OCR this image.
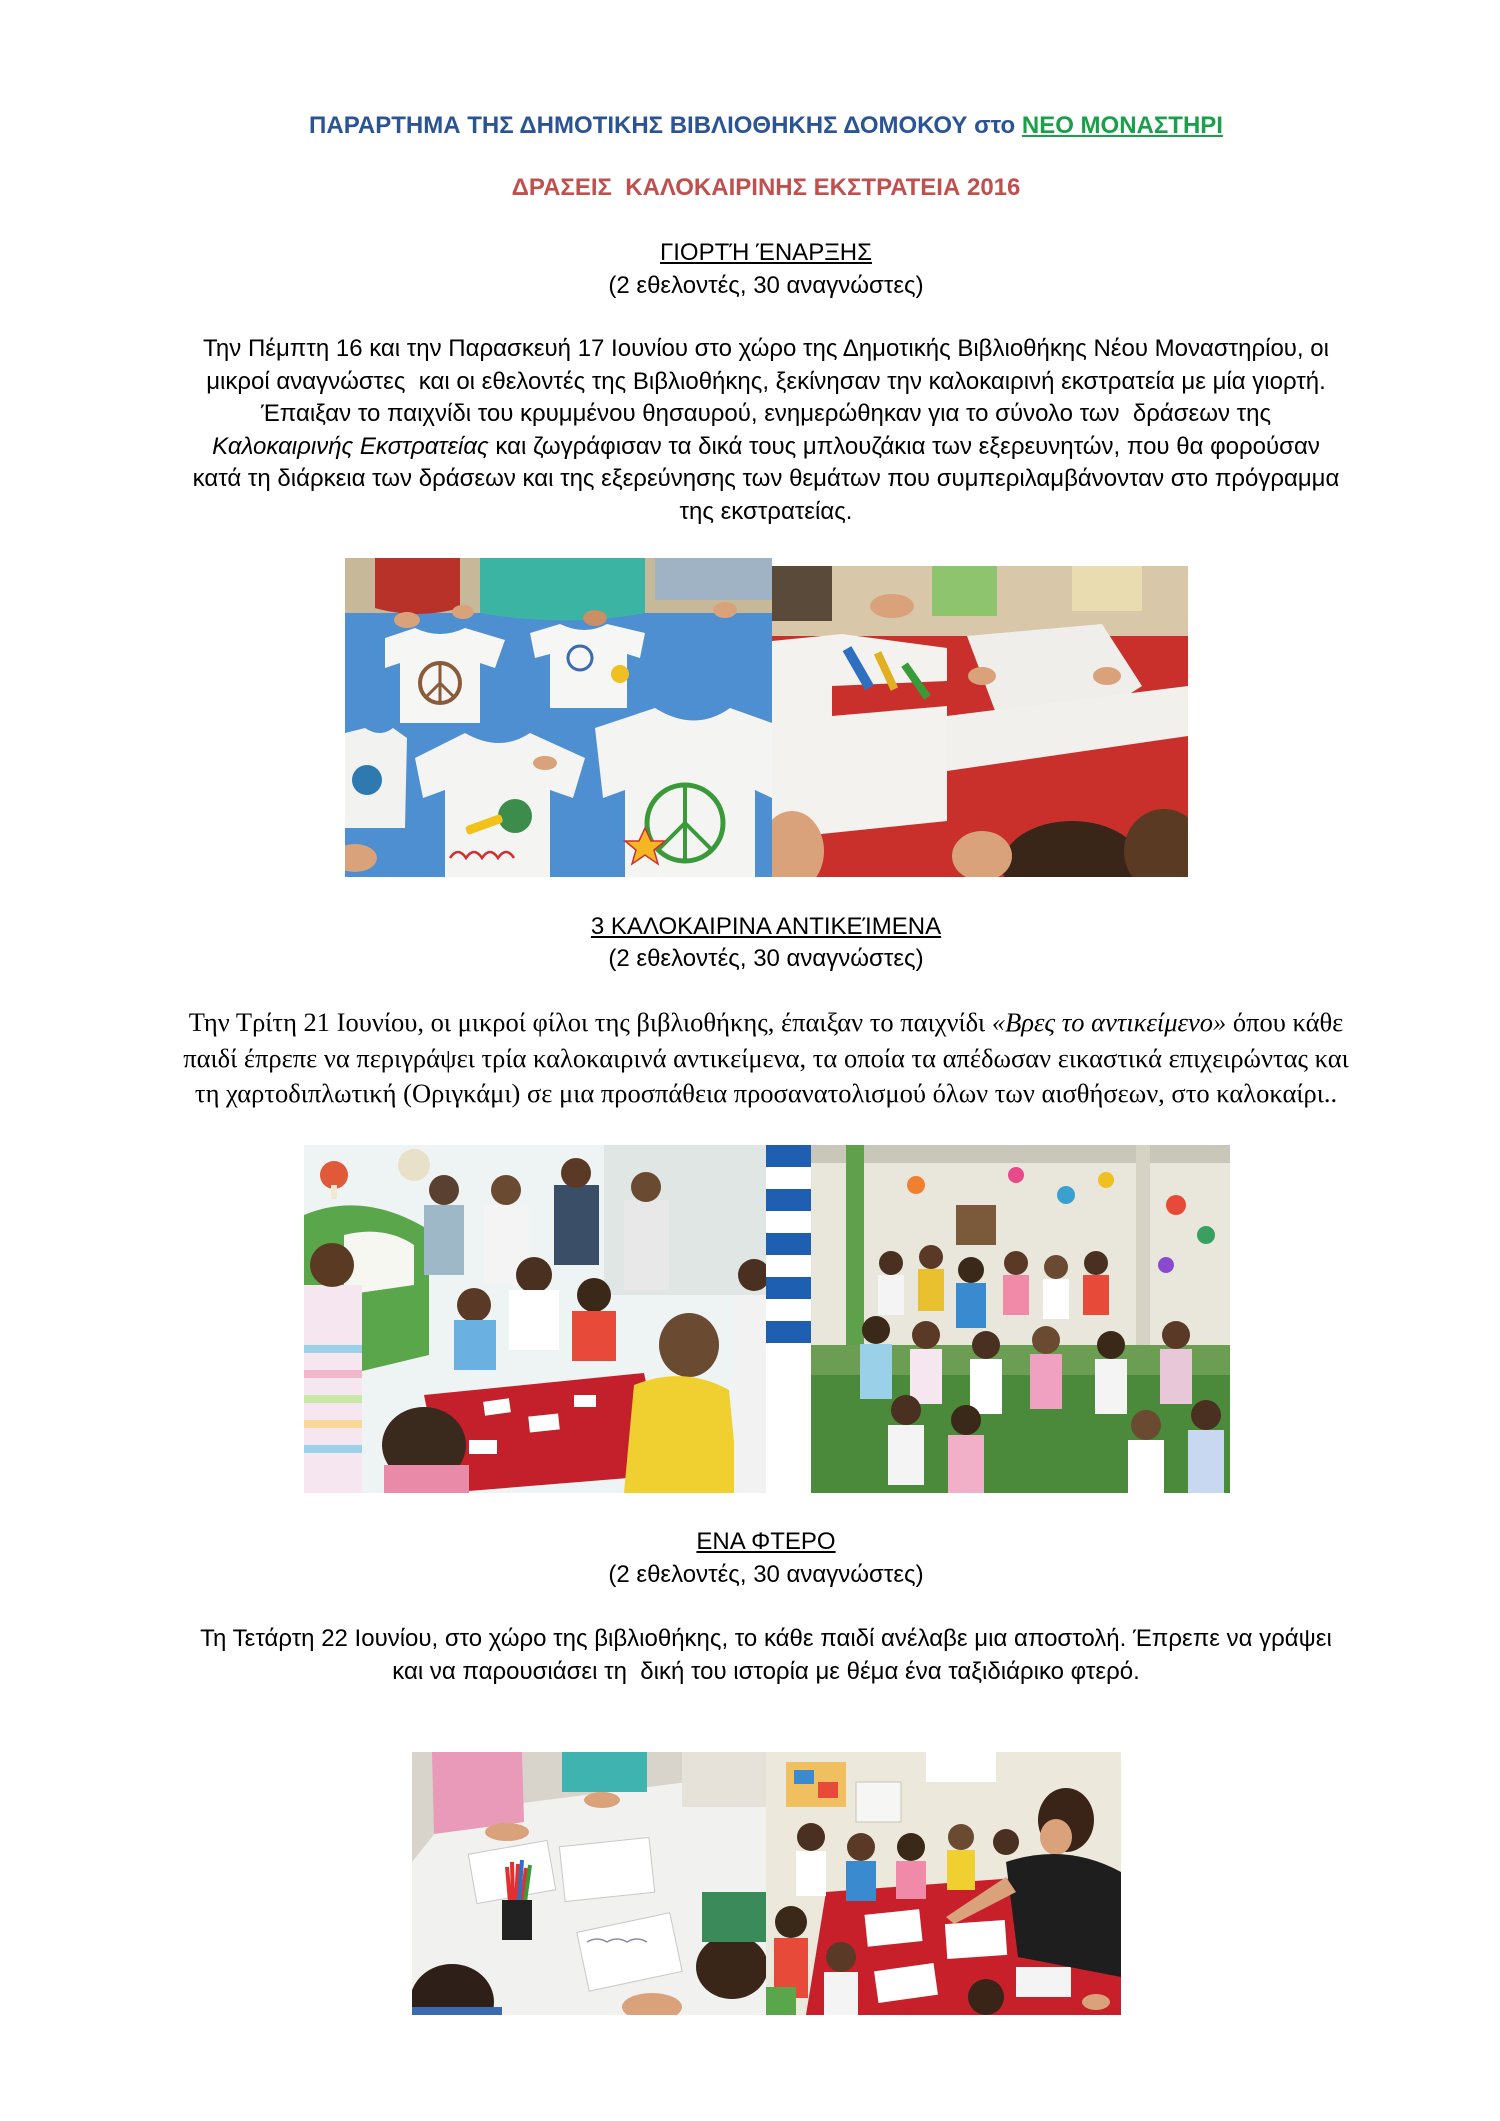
ΠΑΡΑΡΤΗΜΑ ΤΗΣ ΔΗΜΟΤΙΚΗΣ ΒΙΒΛΙΟΘΗΚΗΣ ΔΟΜΟΚΟΥ στο ΝΕΟ ΜΟΝΑΣΤΗΡΙ
ΔΡΑΣΕΙΣ  ΚΑΛΟΚΑΙΡΙΝΗΣ ΕΚΣΤΡΑΤΕΙΑ 2016
ΓΙΟΡΤΉ ΈΝΑΡΞΗΣ
(2 εθελοντές, 30 αναγνώστες)
Την Πέμπτη 16 και την Παρασκευή 17 Ιουνίου στο χώρο της Δημοτικής Βιβλιοθήκης Νέου Μοναστηρίου, οι
μικροί αναγνώστες  και οι εθελοντές της Βιβλιοθήκης, ξεκίνησαν την καλοκαιρινή εκστρατεία με μία γιορτή.
Έπαιξαν το παιχνίδι του κρυμμένου θησαυρού, ενημερώθηκαν για το σύνολο των  δράσεων της
Καλοκαιρινής Εκστρατείας και ζωγράφισαν τα δικά τους μπλουζάκια των εξερευνητών, που θα φορούσαν
κατά τη διάρκεια των δράσεων και της εξερεύνησης των θεμάτων που συμπεριλαμβάνονταν στο πρόγραμμα
της εκστρατείας.
3 ΚΑΛΟΚΑΙΡΙΝΑ ΑΝΤΙΚΕΊΜΕΝΑ
(2 εθελοντές, 30 αναγνώστες)
Την Τρίτη 21 Ιουνίου, οι μικροί φίλοι της βιβλιοθήκης, έπαιξαν το παιχνίδι «Βρες το αντικείμενο» όπου κάθε
παιδί έπρεπε να περιγράψει τρία καλοκαιρινά αντικείμενα, τα οποία τα απέδωσαν εικαστικά επιχειρώντας και
τη χαρτοδιπλωτική (Οριγκάμι) σε μια προσπάθεια προσανατολισμού όλων των αισθήσεων, στο καλοκαίρι..
ΕΝΑ ΦΤΕΡΟ
(2 εθελοντές, 30 αναγνώστες)
Τη Τετάρτη 22 Ιουνίου, στο χώρο της βιβλιοθήκης, το κάθε παιδί ανέλαβε μια αποστολή. Έπρεπε να γράψει
και να παρουσιάσει τη  δική του ιστορία με θέμα ένα ταξιδιάρικο φτερό.
